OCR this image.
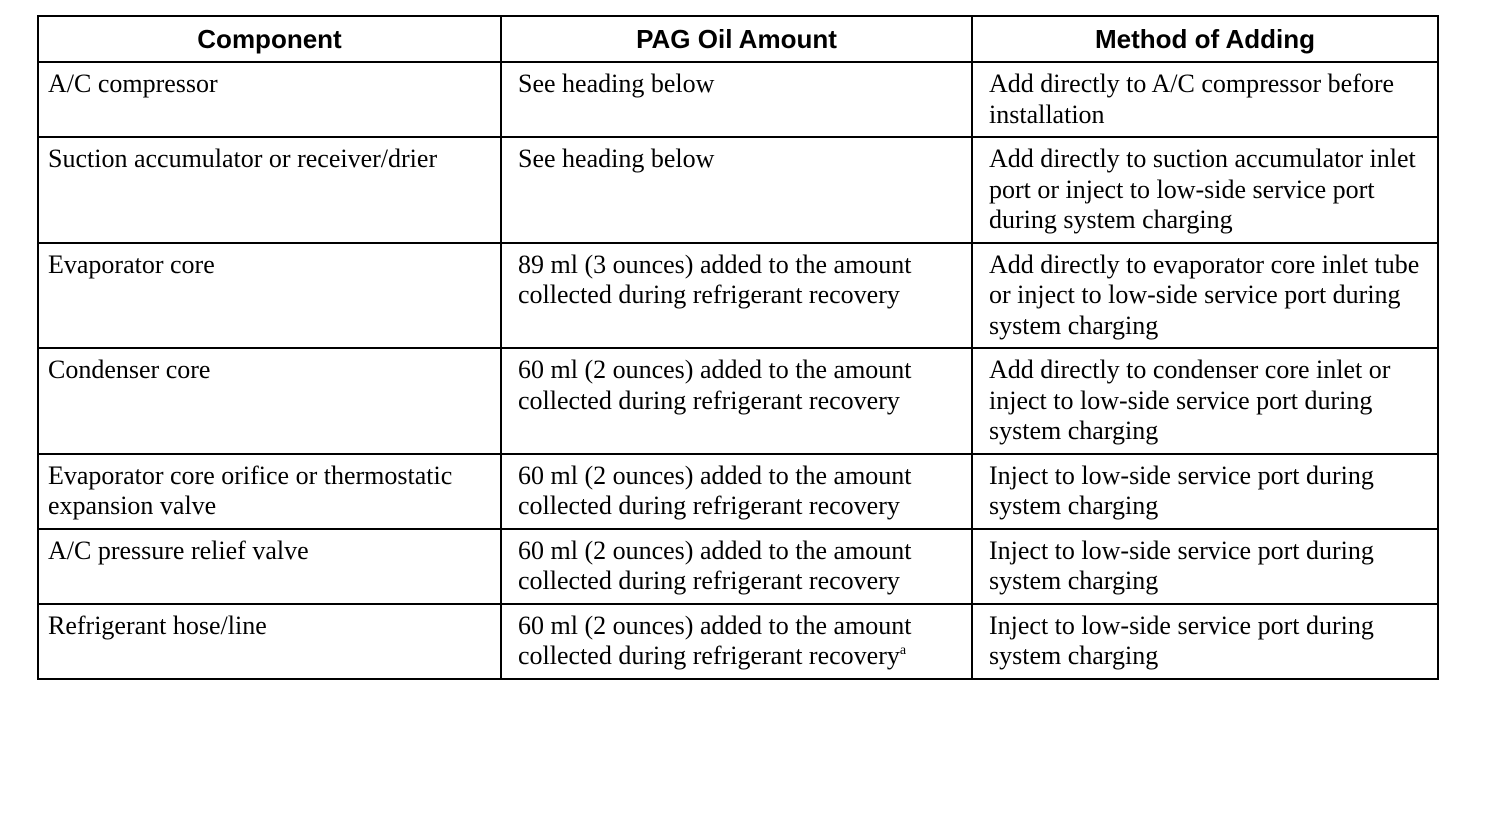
Component	PAG Oil Amount	Method of Adding
A/C compressor	See heading below	Add directly to A/C compressor before installation
Suction accumulator or receiver/drier	See heading below	Add directly to suction accumulator inlet port or inject to low-side service port during system charging
Evaporator core	89 ml (3 ounces) added to the amount collected during refrigerant recovery	Add directly to evaporator core inlet tube or inject to low-side service port during system charging
Condenser core	60 ml (2 ounces) added to the amount collected during refrigerant recovery	Add directly to condenser core inlet or inject to low-side service port during system charging
Evaporator core orifice or thermostatic expansion valve	60 ml (2 ounces) added to the amount collected during refrigerant recovery	Inject to low-side service port during system charging
A/C pressure relief valve	60 ml (2 ounces) added to the amount collected during refrigerant recovery	Inject to low-side service port during system charging
Refrigerant hose/line	60 ml (2 ounces) added to the amount collected during refrigerant recovery$^a$	Inject to low-side service port during system charging
